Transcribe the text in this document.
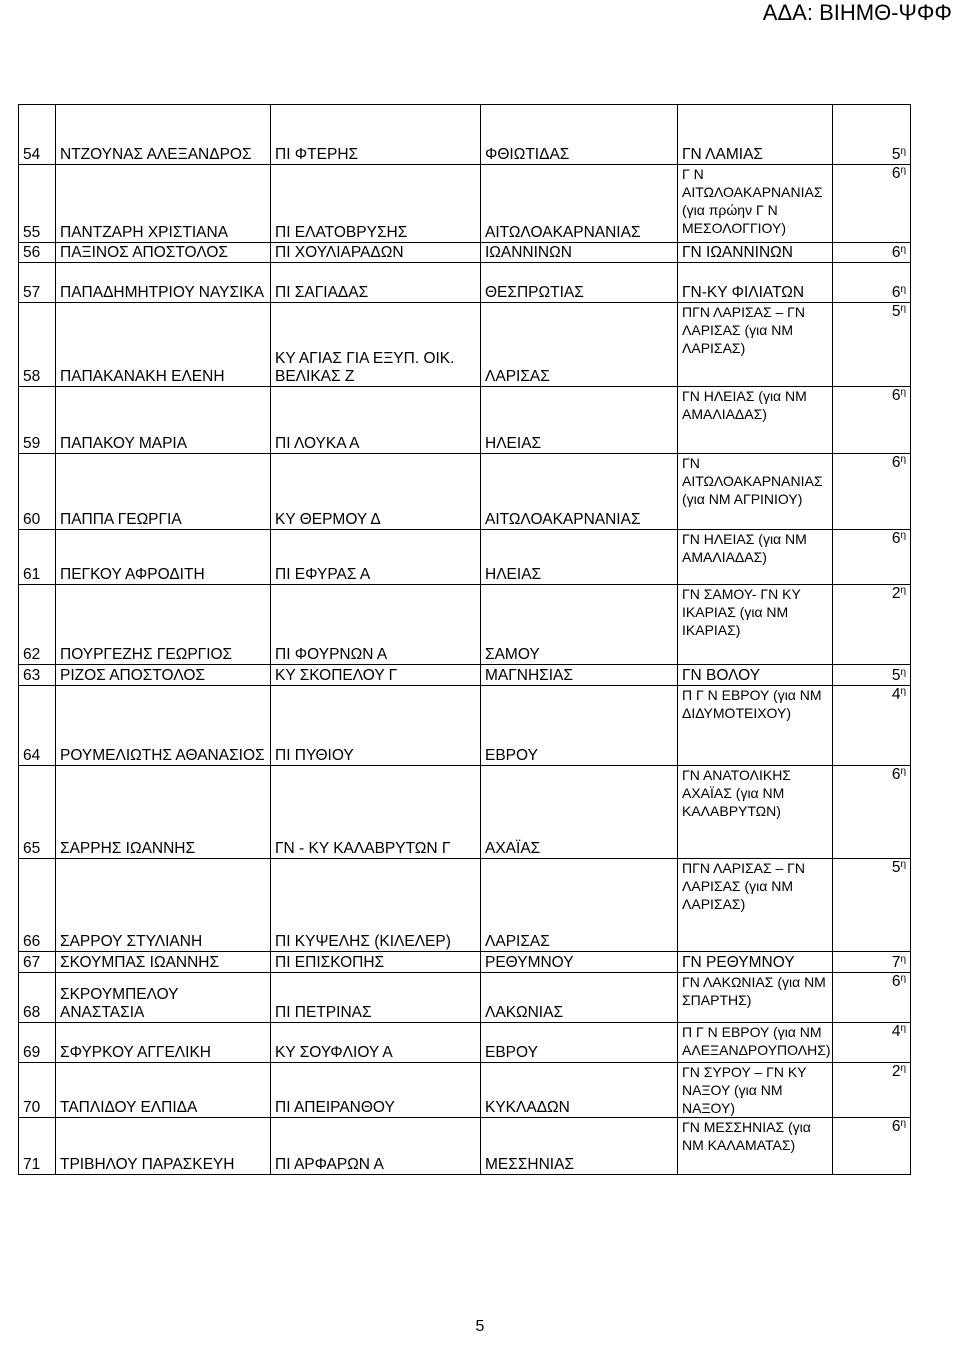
ΑΔΑ: ΒΙΗΜΘ-ΨΦΦ
54	ΝΤΖΟΥΝΑΣ ΑΛΕΞΑΝΔΡΟΣ	ΠΙ ΦΤΕΡΗΣ	ΦΘΙΩΤΙΔΑΣ	ΓΝ ΛΑΜΙΑΣ	$5^\eta$
55	ΠΑΝΤΖΑΡΗ ΧΡΙΣΤΙΑΝΑ	ΠΙ ΕΛΑΤΟΒΡΥΣΗΣ	ΑΙΤΩΛΟΑΚΑΡΝΑΝΙΑΣ	Γ Ν ΑΙΤΩΛΟΑΚΑΡΝΑΝΙΑΣ (για πρώην Γ Ν ΜΕΣΟΛΟΓΓΙΟΥ)	$6^\eta$
56	ΠΑΞΙΝΟΣ ΑΠΟΣΤΟΛΟΣ	ΠΙ ΧΟΥΛΙΑΡΑΔΩΝ	ΙΩΑΝΝΙΝΩΝ	ΓΝ ΙΩΑΝΝΙΝΩΝ	$6^\eta$
57	ΠΑΠΑΔΗΜΗΤΡΙΟΥ ΝΑΥΣΙΚΑ	ΠΙ ΣΑΓΙΑΔΑΣ	ΘΕΣΠΡΩΤΙΑΣ	ΓΝ-ΚΥ ΦΙΛΙΑΤΩΝ	$6^\eta$
58	ΠΑΠΑΚΑΝΑΚΗ ΕΛΕΝΗ	ΚΥ ΑΓΙΑΣ ΓΙΑ ΕΞΥΠ. ΟΙΚ. ΒΕΛΙΚΑΣ Ζ	ΛΑΡΙΣΑΣ	ΠΓΝ ΛΑΡΙΣΑΣ – ΓΝ ΛΑΡΙΣΑΣ (για ΝΜ ΛΑΡΙΣΑΣ)	$5^\eta$
59	ΠΑΠΑΚΟΥ ΜΑΡΙΑ	ΠΙ ΛΟΥΚΑ Α	ΗΛΕΙΑΣ	ΓΝ ΗΛΕΙΑΣ (για ΝΜ ΑΜΑΛΙΑΔΑΣ)	$6^\eta$
60	ΠΑΠΠΑ ΓΕΩΡΓΙΑ	ΚΥ ΘΕΡΜΟΥ Δ	ΑΙΤΩΛΟΑΚΑΡΝΑΝΙΑΣ	ΓΝ ΑΙΤΩΛΟΑΚΑΡΝΑΝΙΑΣ (για ΝΜ ΑΓΡΙΝΙΟΥ)	$6^\eta$
61	ΠΕΓΚΟΥ ΑΦΡΟΔΙΤΗ	ΠΙ ΕΦΥΡΑΣ Α	ΗΛΕΙΑΣ	ΓΝ ΗΛΕΙΑΣ (για ΝΜ ΑΜΑΛΙΑΔΑΣ)	$6^\eta$
62	ΠΟΥΡΓΕΖΗΣ ΓΕΩΡΓΙΟΣ	ΠΙ ΦΟΥΡΝΩΝ Α	ΣΑΜΟΥ	ΓΝ ΣΑΜΟΥ- ΓΝ ΚΥ ΙΚΑΡΙΑΣ (για ΝΜ ΙΚΑΡΙΑΣ)	$2^\eta$
63	ΡΙΖΟΣ ΑΠΟΣΤΟΛΟΣ	ΚΥ ΣΚΟΠΕΛΟΥ Γ	ΜΑΓΝΗΣΙΑΣ	ΓΝ ΒΟΛΟΥ	$5^\eta$
64	ΡΟΥΜΕΛΙΩΤΗΣ ΑΘΑΝΑΣΙΟΣ	ΠΙ ΠΥΘΙΟΥ	ΕΒΡΟΥ	Π Γ Ν ΕΒΡΟΥ (για ΝΜ ΔΙΔΥΜΟΤΕΙΧΟΥ)	$4^\eta$
65	ΣΑΡΡΗΣ ΙΩΑΝΝΗΣ	ΓΝ - ΚΥ ΚΑΛΑΒΡΥΤΩΝ Γ	ΑΧΑΪΑΣ	ΓΝ ΑΝΑΤΟΛΙΚΗΣ ΑΧΑΪΑΣ (για ΝΜ ΚΑΛΑΒΡΥΤΩΝ)	$6^\eta$
66	ΣΑΡΡΟΥ ΣΤΥΛΙΑΝΗ	ΠΙ ΚΥΨΕΛΗΣ (ΚΙΛΕΛΕΡ)	ΛΑΡΙΣΑΣ	ΠΓΝ ΛΑΡΙΣΑΣ – ΓΝ ΛΑΡΙΣΑΣ (για ΝΜ ΛΑΡΙΣΑΣ)	$5^\eta$
67	ΣΚΟΥΜΠΑΣ ΙΩΑΝΝΗΣ	ΠΙ ΕΠΙΣΚΟΠΗΣ	ΡΕΘΥΜΝΟΥ	ΓΝ ΡΕΘΥΜΝΟΥ	$7^\eta$
68	ΣΚΡΟΥΜΠΕΛΟΥ ΑΝΑΣΤΑΣΙΑ	ΠΙ ΠΕΤΡΙΝΑΣ	ΛΑΚΩΝΙΑΣ	ΓΝ ΛΑΚΩΝΙΑΣ (για ΝΜ ΣΠΑΡΤΗΣ)	$6^\eta$
69	ΣΦΥΡΚΟΥ ΑΓΓΕΛΙΚΗ	ΚΥ ΣΟΥΦΛΙΟΥ Α	ΕΒΡΟΥ	Π Γ Ν ΕΒΡΟΥ (για ΝΜ ΑΛΕΞΑΝΔΡΟΥΠΟΛΗΣ)	$4^\eta$
70	ΤΑΠΛΙΔΟΥ ΕΛΠΙΔΑ	ΠΙ ΑΠΕΙΡΑΝΘΟΥ	ΚΥΚΛΑΔΩΝ	ΓΝ ΣΥΡΟΥ – ΓΝ ΚΥ ΝΑΞΟΥ (για ΝΜ ΝΑΞΟΥ)	$2^\eta$
71	ΤΡΙΒΗΛΟΥ ΠΑΡΑΣΚΕΥΗ	ΠΙ ΑΡΦΑΡΩΝ Α	ΜΕΣΣΗΝΙΑΣ	ΓΝ ΜΕΣΣΗΝΙΑΣ (για ΝΜ ΚΑΛΑΜΑΤΑΣ)	$6^\eta$
5
